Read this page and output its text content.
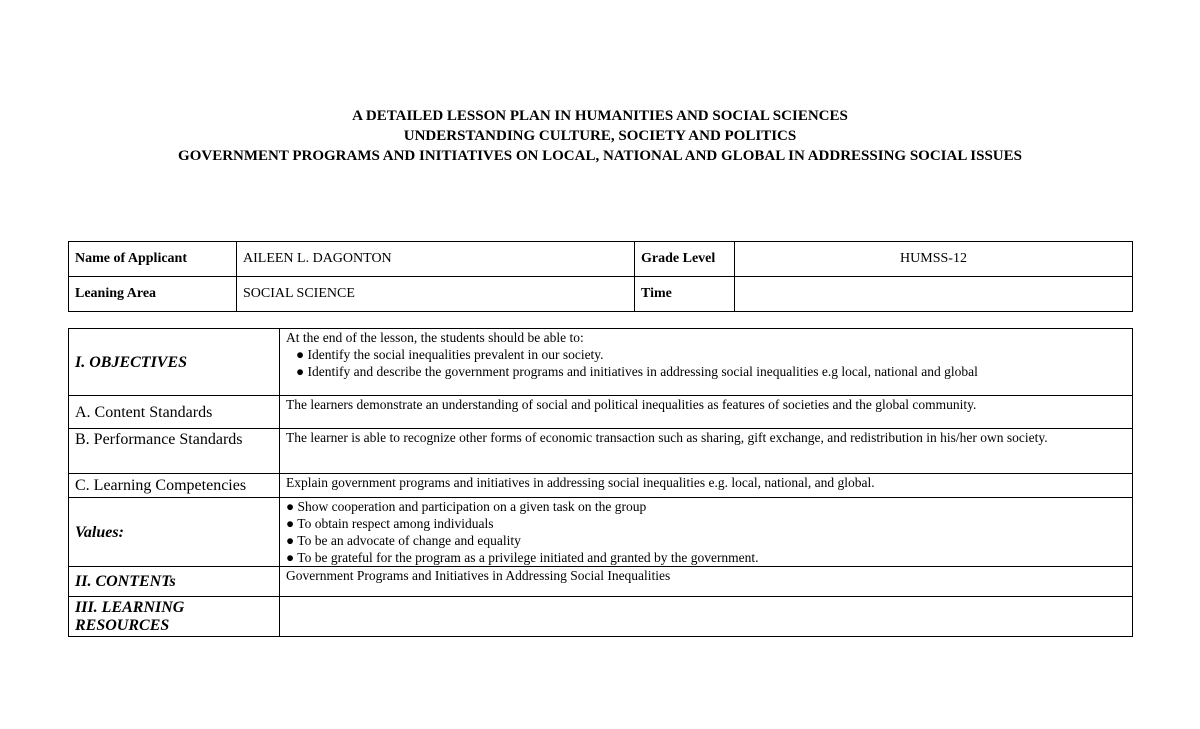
A DETAILED LESSON PLAN IN HUMANITIES AND SOCIAL SCIENCES
UNDERSTANDING CULTURE, SOCIETY AND POLITICS
GOVERNMENT PROGRAMS AND INITIATIVES ON LOCAL, NATIONAL AND GLOBAL IN ADDRESSING SOCIAL ISSUES
Name of Applicant	AILEEN L. DAGONTON	Grade Level	HUMSS-12
Leaning Area	SOCIAL SCIENCE	Time	
I. OBJECTIVES	At the end of the lesson, the students should be able to:
● Identify the social inequalities prevalent in our society.
● Identify and describe the government programs and initiatives in addressing social inequalities e.g local, national and global

A. Content Standards	The learners demonstrate an understanding of social and political inequalities as features of societies and the global community.
B. Performance Standards	The learner is able to recognize other forms of economic transaction such as sharing, gift exchange, and redistribution in his/her own society.
C. Learning Competencies	Explain government programs and initiatives in addressing social inequalities e.g. local, national, and global.
Values:	● Show cooperation and participation on a given task on the group
● To obtain respect among individuals
● To be an advocate of change and equality
● To be grateful for the program as a privilege initiated and granted by the government.

II. CONTENTs	Government Programs and Initiatives in Addressing Social Inequalities
III. LEARNING RESOURCES	
